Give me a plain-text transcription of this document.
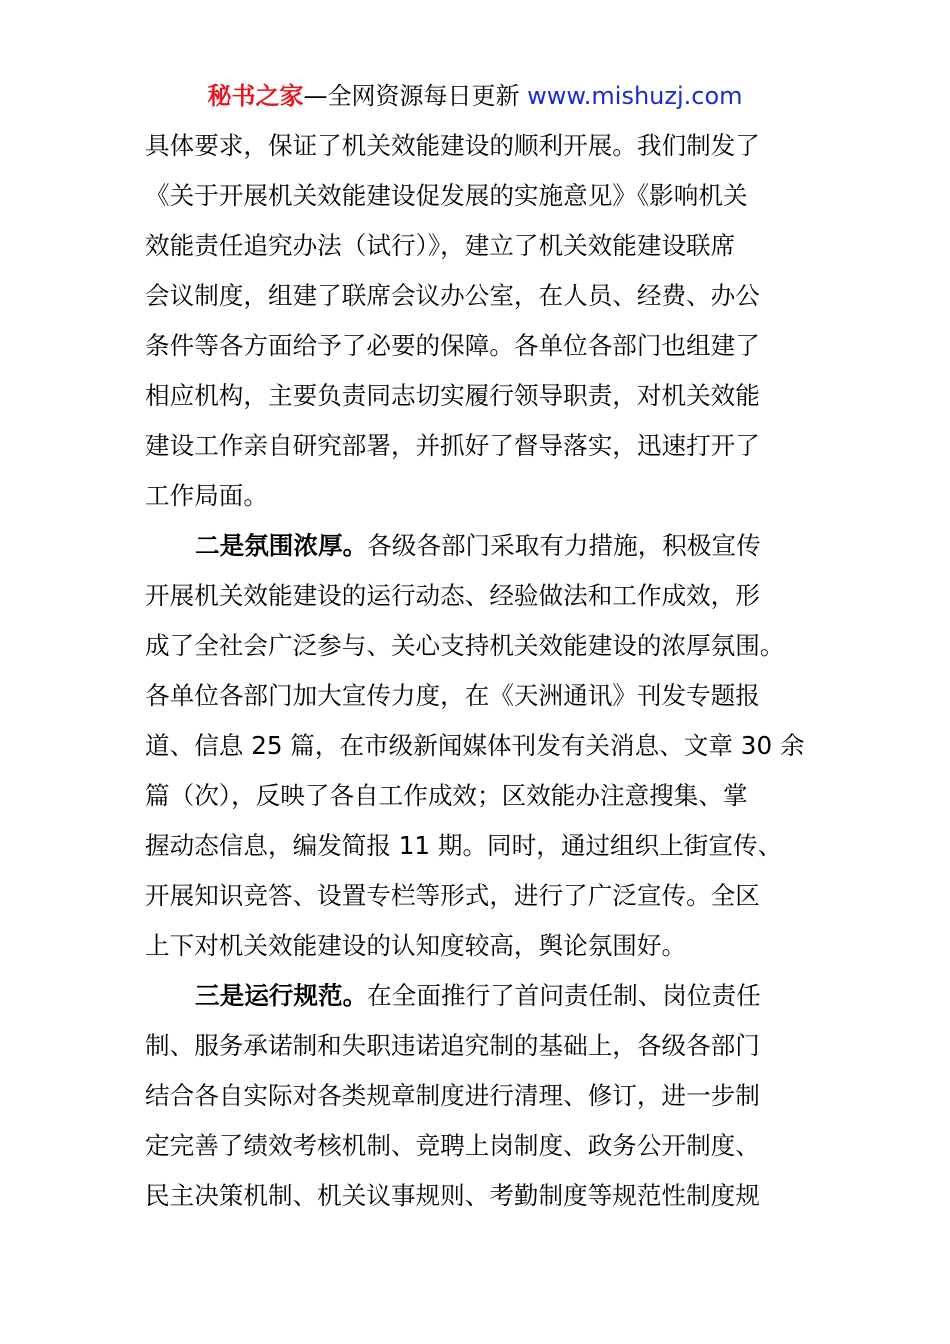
秘书之家—全网资源每日更新 www.mishuzj.com
具体要求，保证了机关效能建设的顺利开展。我们制发了
《关于开展机关效能建设促发展的实施意见》《影响机关
效能责任追究办法（试行）》，建立了机关效能建设联席
会议制度，组建了联席会议办公室，在人员、经费、办公
条件等各方面给予了必要的保障。各单位各部门也组建了
相应机构，主要负责同志切实履行领导职责，对机关效能
建设工作亲自研究部署，并抓好了督导落实，迅速打开了
工作局面。
二是氛围浓厚。各级各部门采取有力措施，积极宣传
开展机关效能建设的运行动态、经验做法和工作成效，形
成了全社会广泛参与、关心支持机关效能建设的浓厚氛围。
各单位各部门加大宣传力度，在《天洲通讯》刊发专题报
道、信息 25 篇，在市级新闻媒体刊发有关消息、文章 30 余
篇（次），反映了各自工作成效；区效能办注意搜集、掌
握动态信息，编发简报 11 期。同时，通过组织上街宣传、
开展知识竞答、设置专栏等形式，进行了广泛宣传。全区
上下对机关效能建设的认知度较高，舆论氛围好。
三是运行规范。在全面推行了首问责任制、岗位责任
制、服务承诺制和失职违诺追究制的基础上，各级各部门
结合各自实际对各类规章制度进行清理、修订，进一步制
定完善了绩效考核机制、竞聘上岗制度、政务公开制度、
民主决策机制、机关议事规则、考勤制度等规范性制度规
